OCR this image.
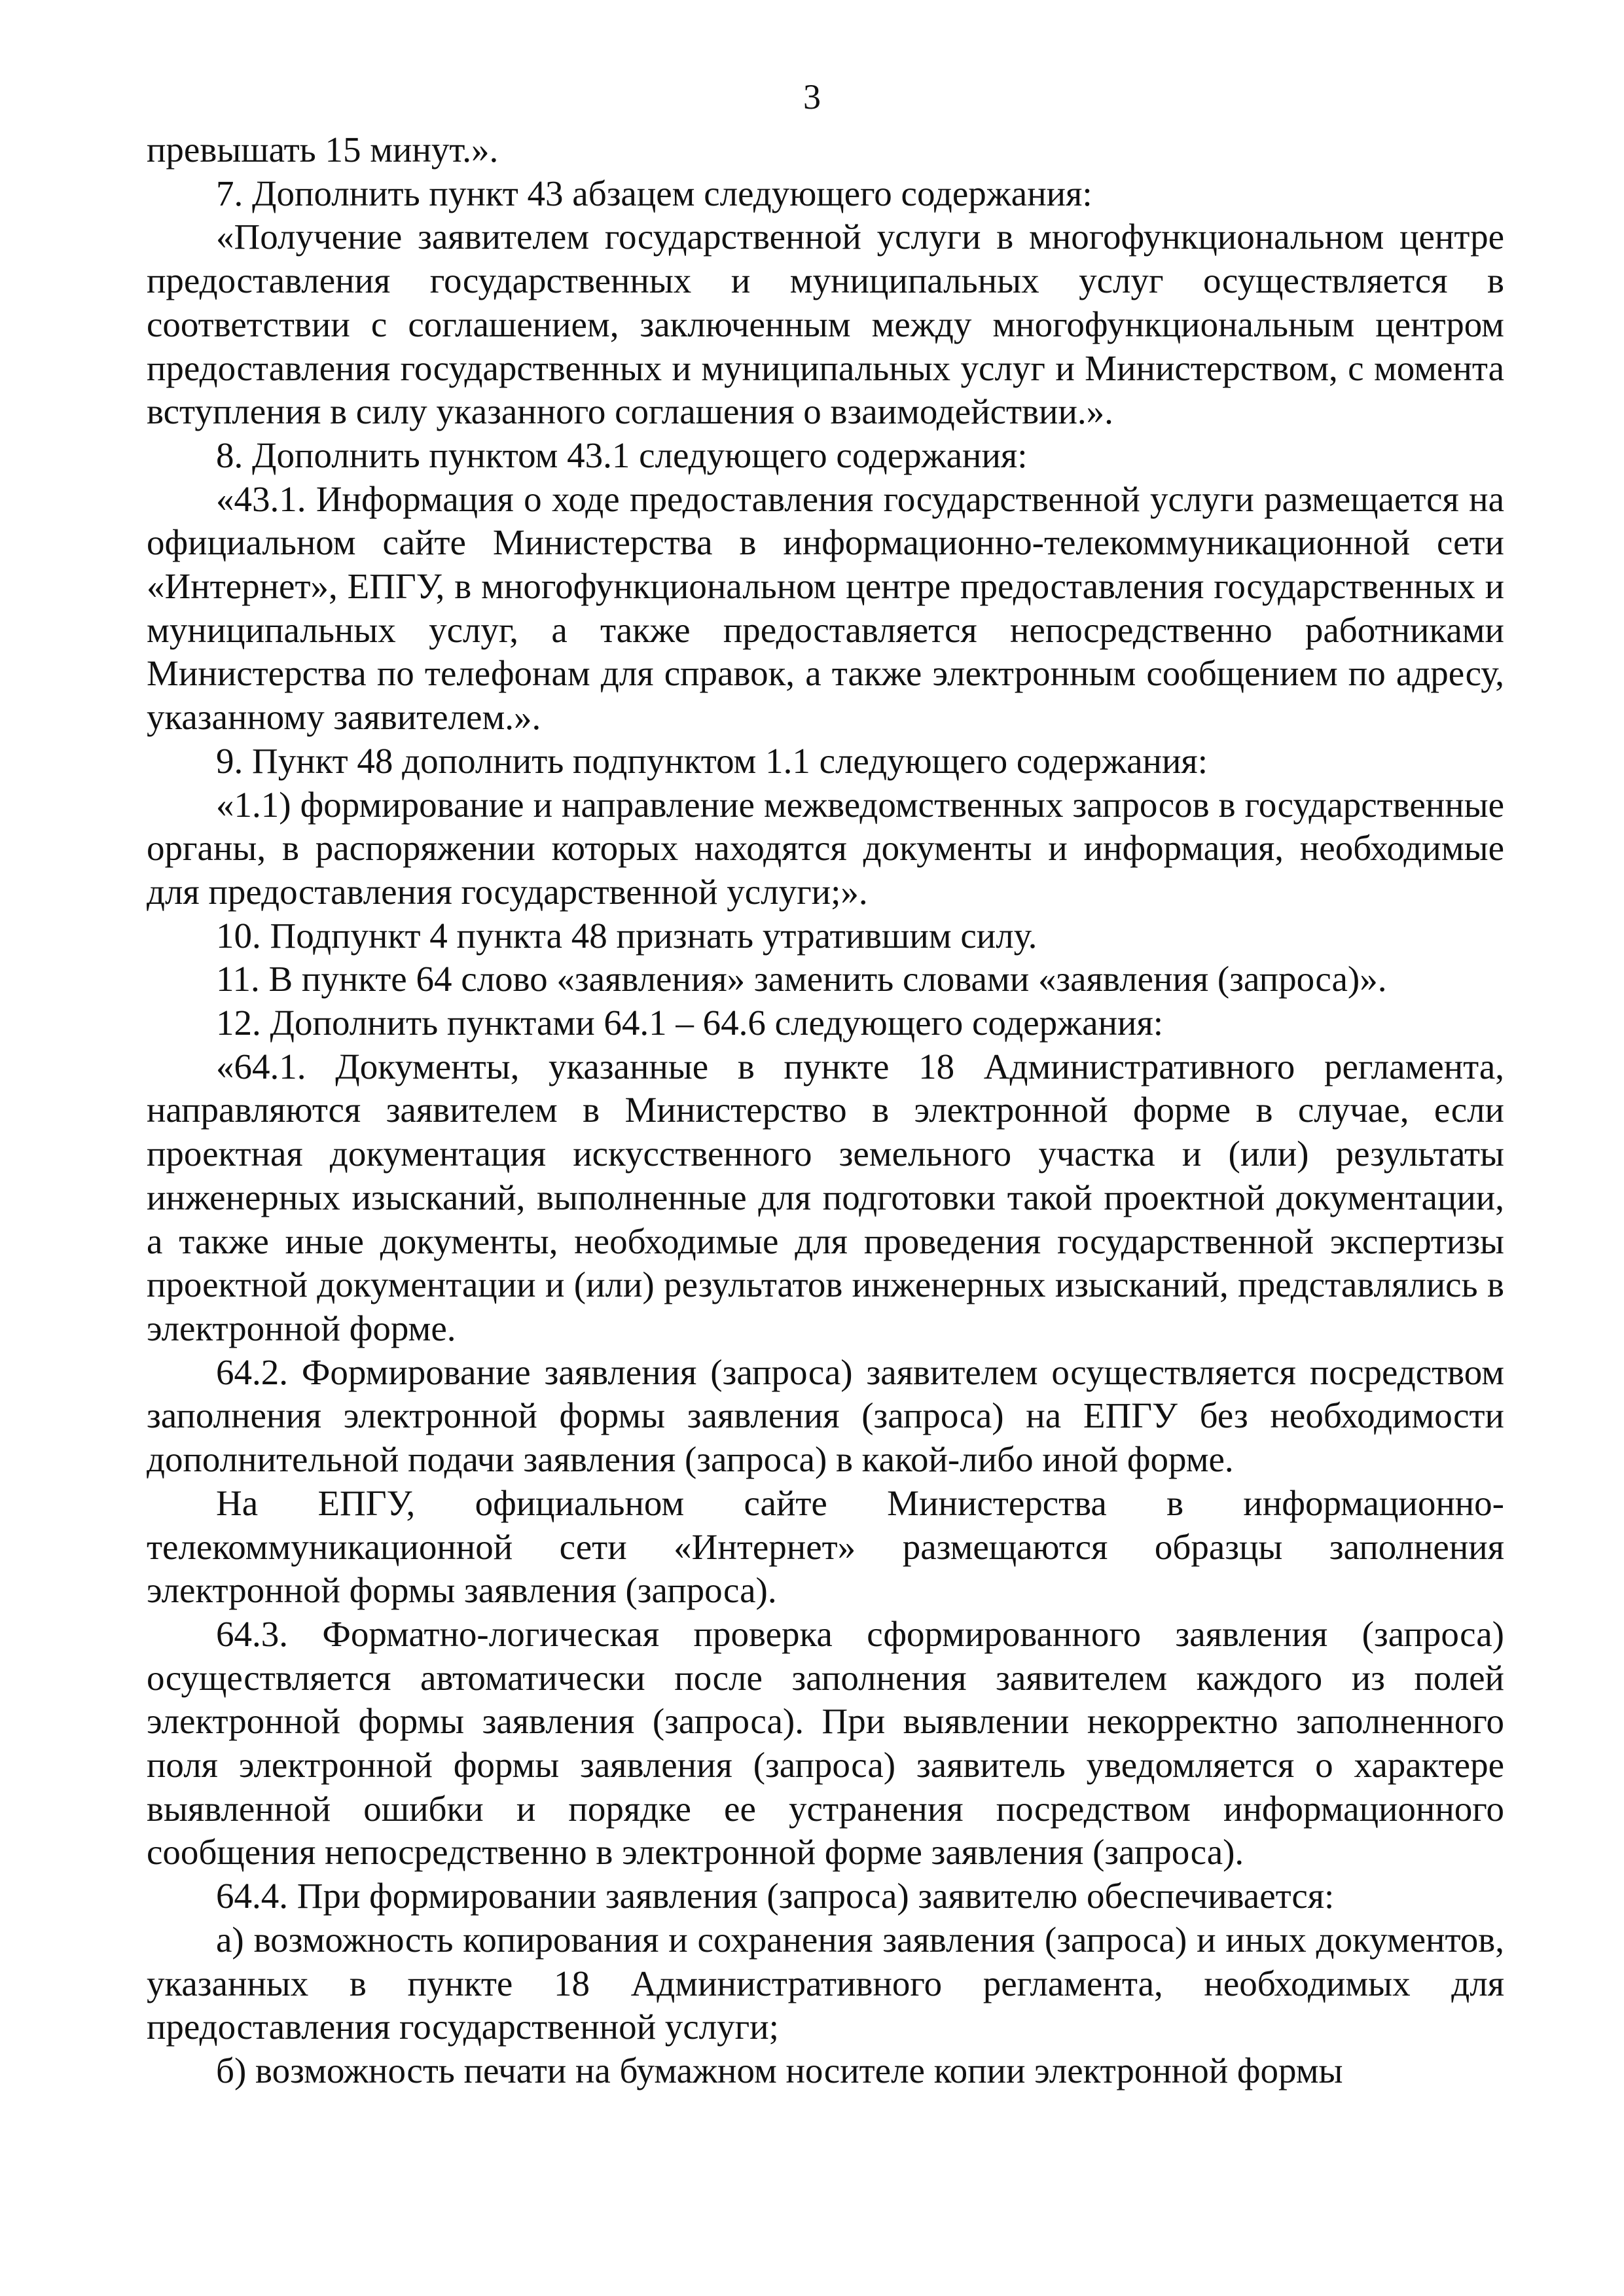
3

превышать 15 минут.».

7. Дополнить пункт 43 абзацем следующего содержания:

«Получение заявителем государственной услуги в многофункциональном центре предоставления государственных и муниципальных услуг осуществляется в соответствии с соглашением, заключенным между многофункциональным центром предоставления государственных и муниципальных услуг и Министерством, с момента вступления в силу указанного соглашения о взаимодействии.».

8. Дополнить пунктом 43.1 следующего содержания:

«43.1. Информация о ходе предоставления государственной услуги размещается на официальном сайте Министерства в информационно-телекоммуникационной сети «Интернет», ЕПГУ, в многофункциональном центре предоставления государственных и муниципальных услуг, а также предоставляется непосредственно работниками Министерства по телефонам для справок, а также электронным сообщением по адресу, указанному заявителем.».

9. Пункт 48 дополнить подпунктом 1.1 следующего содержания:

«1.1) формирование и направление межведомственных запросов в государственные органы, в распоряжении которых находятся документы и информация, необходимые для предоставления государственной услуги;».

10. Подпункт 4 пункта 48 признать утратившим силу.

11. В пункте 64 слово «заявления» заменить словами «заявления (запроса)».

12. Дополнить пунктами 64.1 – 64.6 следующего содержания:

«64.1. Документы, указанные в пункте 18 Административного регламента, направляются заявителем в Министерство в электронной форме в случае, если проектная документация искусственного земельного участка и (или) результаты инженерных изысканий, выполненные для подготовки такой проектной документации, а также иные документы, необходимые для проведения государственной экспертизы проектной документации и (или) результатов инженерных изысканий, представлялись в электронной форме.

64.2. Формирование заявления (запроса) заявителем осуществляется посредством заполнения электронной формы заявления (запроса) на ЕПГУ без необходимости дополнительной подачи заявления (запроса) в какой-либо иной форме.

На ЕПГУ, официальном сайте Министерства в информационно-телекоммуникационной сети «Интернет» размещаются образцы заполнения электронной формы заявления (запроса).

64.3. Форматно-логическая проверка сформированного заявления (запроса) осуществляется автоматически после заполнения заявителем каждого из полей электронной формы заявления (запроса). При выявлении некорректно заполненного поля электронной формы заявления (запроса) заявитель уведомляется о характере выявленной ошибки и порядке ее устранения посредством информационного сообщения непосредственно в электронной форме заявления (запроса).

64.4. При формировании заявления (запроса) заявителю обеспечивается:

а) возможность копирования и сохранения заявления (запроса) и иных документов, указанных в пункте 18 Административного регламента, необходимых для предоставления государственной услуги;

б) возможность печати на бумажном носителе копии электронной формы
